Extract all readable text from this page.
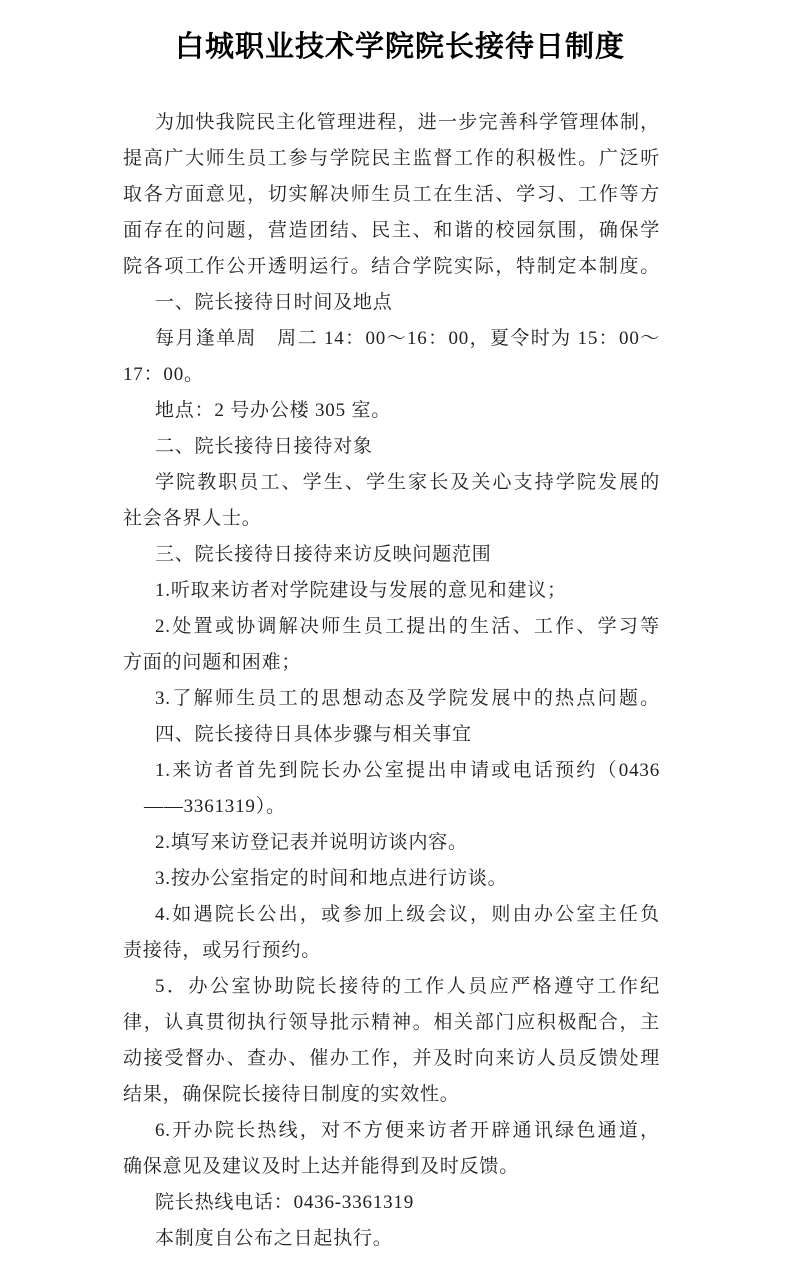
白城职业技术学院院长接待日制度
为加快我院民主化管理进程，进一步完善科学管理体制，
提高广大师生员工参与学院民主监督工作的积极性。广泛听
取各方面意见，切实解决师生员工在生活、学习、工作等方
面存在的问题，营造团结、民主、和谐的校园氛围，确保学
院各项工作公开透明运行。结合学院实际，特制定本制度。
一、院长接待日时间及地点
每月逢单周　周二 14：00～16：00，夏令时为 15：00～
17：00。
地点：2 号办公楼 305 室。
二、院长接待日接待对象
学院教职员工、学生、学生家长及关心支持学院发展的
社会各界人士。
三、院长接待日接待来访反映问题范围
1.听取来访者对学院建设与发展的意见和建议；
2.处置或协调解决师生员工提出的生活、工作、学习等
方面的问题和困难；
3.了解师生员工的思想动态及学院发展中的热点问题。
四、院长接待日具体步骤与相关事宜
1.来访者首先到院长办公室提出申请或电话预约（0436
——3361319）。
2.填写来访登记表并说明访谈内容。
3.按办公室指定的时间和地点进行访谈。
4.如遇院长公出，或参加上级会议，则由办公室主任负
责接待，或另行预约。
5．办公室协助院长接待的工作人员应严格遵守工作纪
律，认真贯彻执行领导批示精神。相关部门应积极配合，主
动接受督办、查办、催办工作，并及时向来访人员反馈处理
结果，确保院长接待日制度的实效性。
6.开办院长热线，对不方便来访者开辟通讯绿色通道，
确保意见及建议及时上达并能得到及时反馈。
院长热线电话：0436-3361319
本制度自公布之日起执行。
